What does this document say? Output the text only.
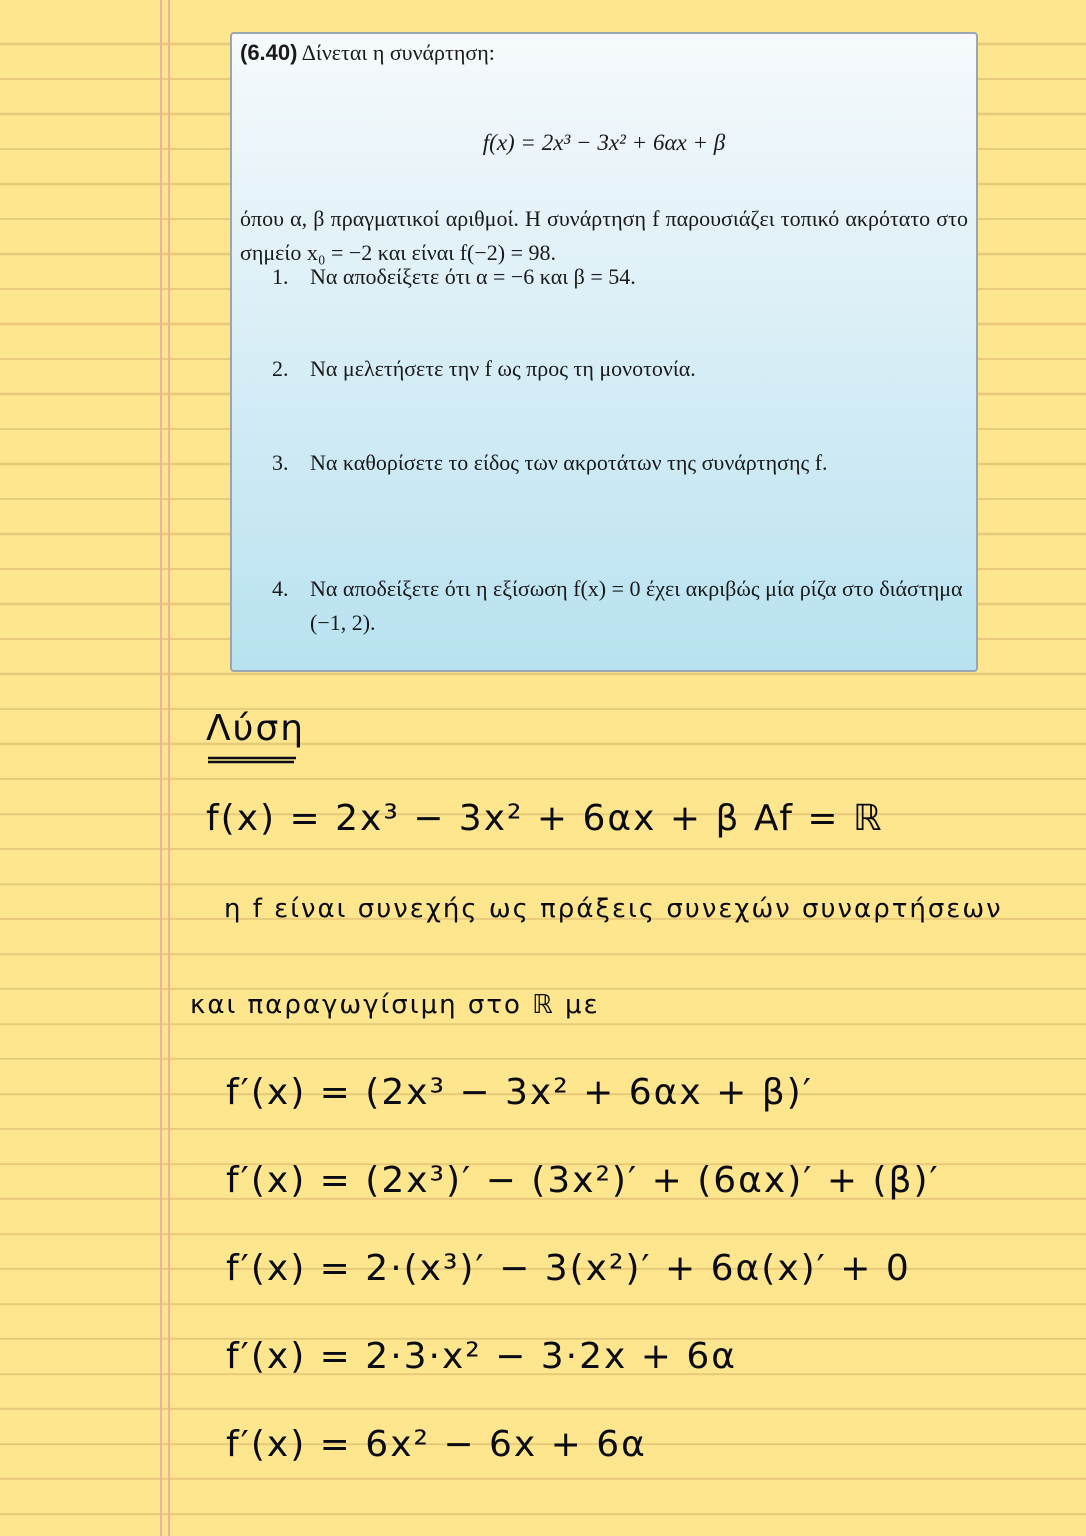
(6.40) Δίνεται η συνάρτηση:
f(x) = 2x³ − 3x² + 6αx + β
όπου α, β πραγματικοί αριθμοί. Η συνάρτηση f παρουσιάζει τοπικό ακρότατο στο σημείο x₀ = −2 και είναι f(−2) = 98.
1. Να αποδείξετε ότι α = −6 και β = 54.
2. Να μελετήσετε την f ως προς τη μονοτονία.
3. Να καθορίσετε το είδος των ακροτάτων της συνάρτησης f.
4. Να αποδείξετε ότι η εξίσωση f(x) = 0 έχει ακριβώς μία ρίζα στο διάστημα (−1, 2).
Λύση
f(x) = 2x³ − 3x² + 6αx + β Af = ℝ
η f είναι συνεχής ως πράξεις συνεχών συναρτήσεων
και παραγωγίσιμη στο ℝ με
f′(x) = (2x³ − 3x² + 6αx + β)′
f′(x) = (2x³)′ − (3x²)′ + (6αx)′ + (β)′
f′(x) = 2·(x³)′ − 3(x²)′ + 6α(x)′ + 0
f′(x) = 2·3·x² − 3·2x + 6α
f′(x) = 6x² − 6x + 6α
